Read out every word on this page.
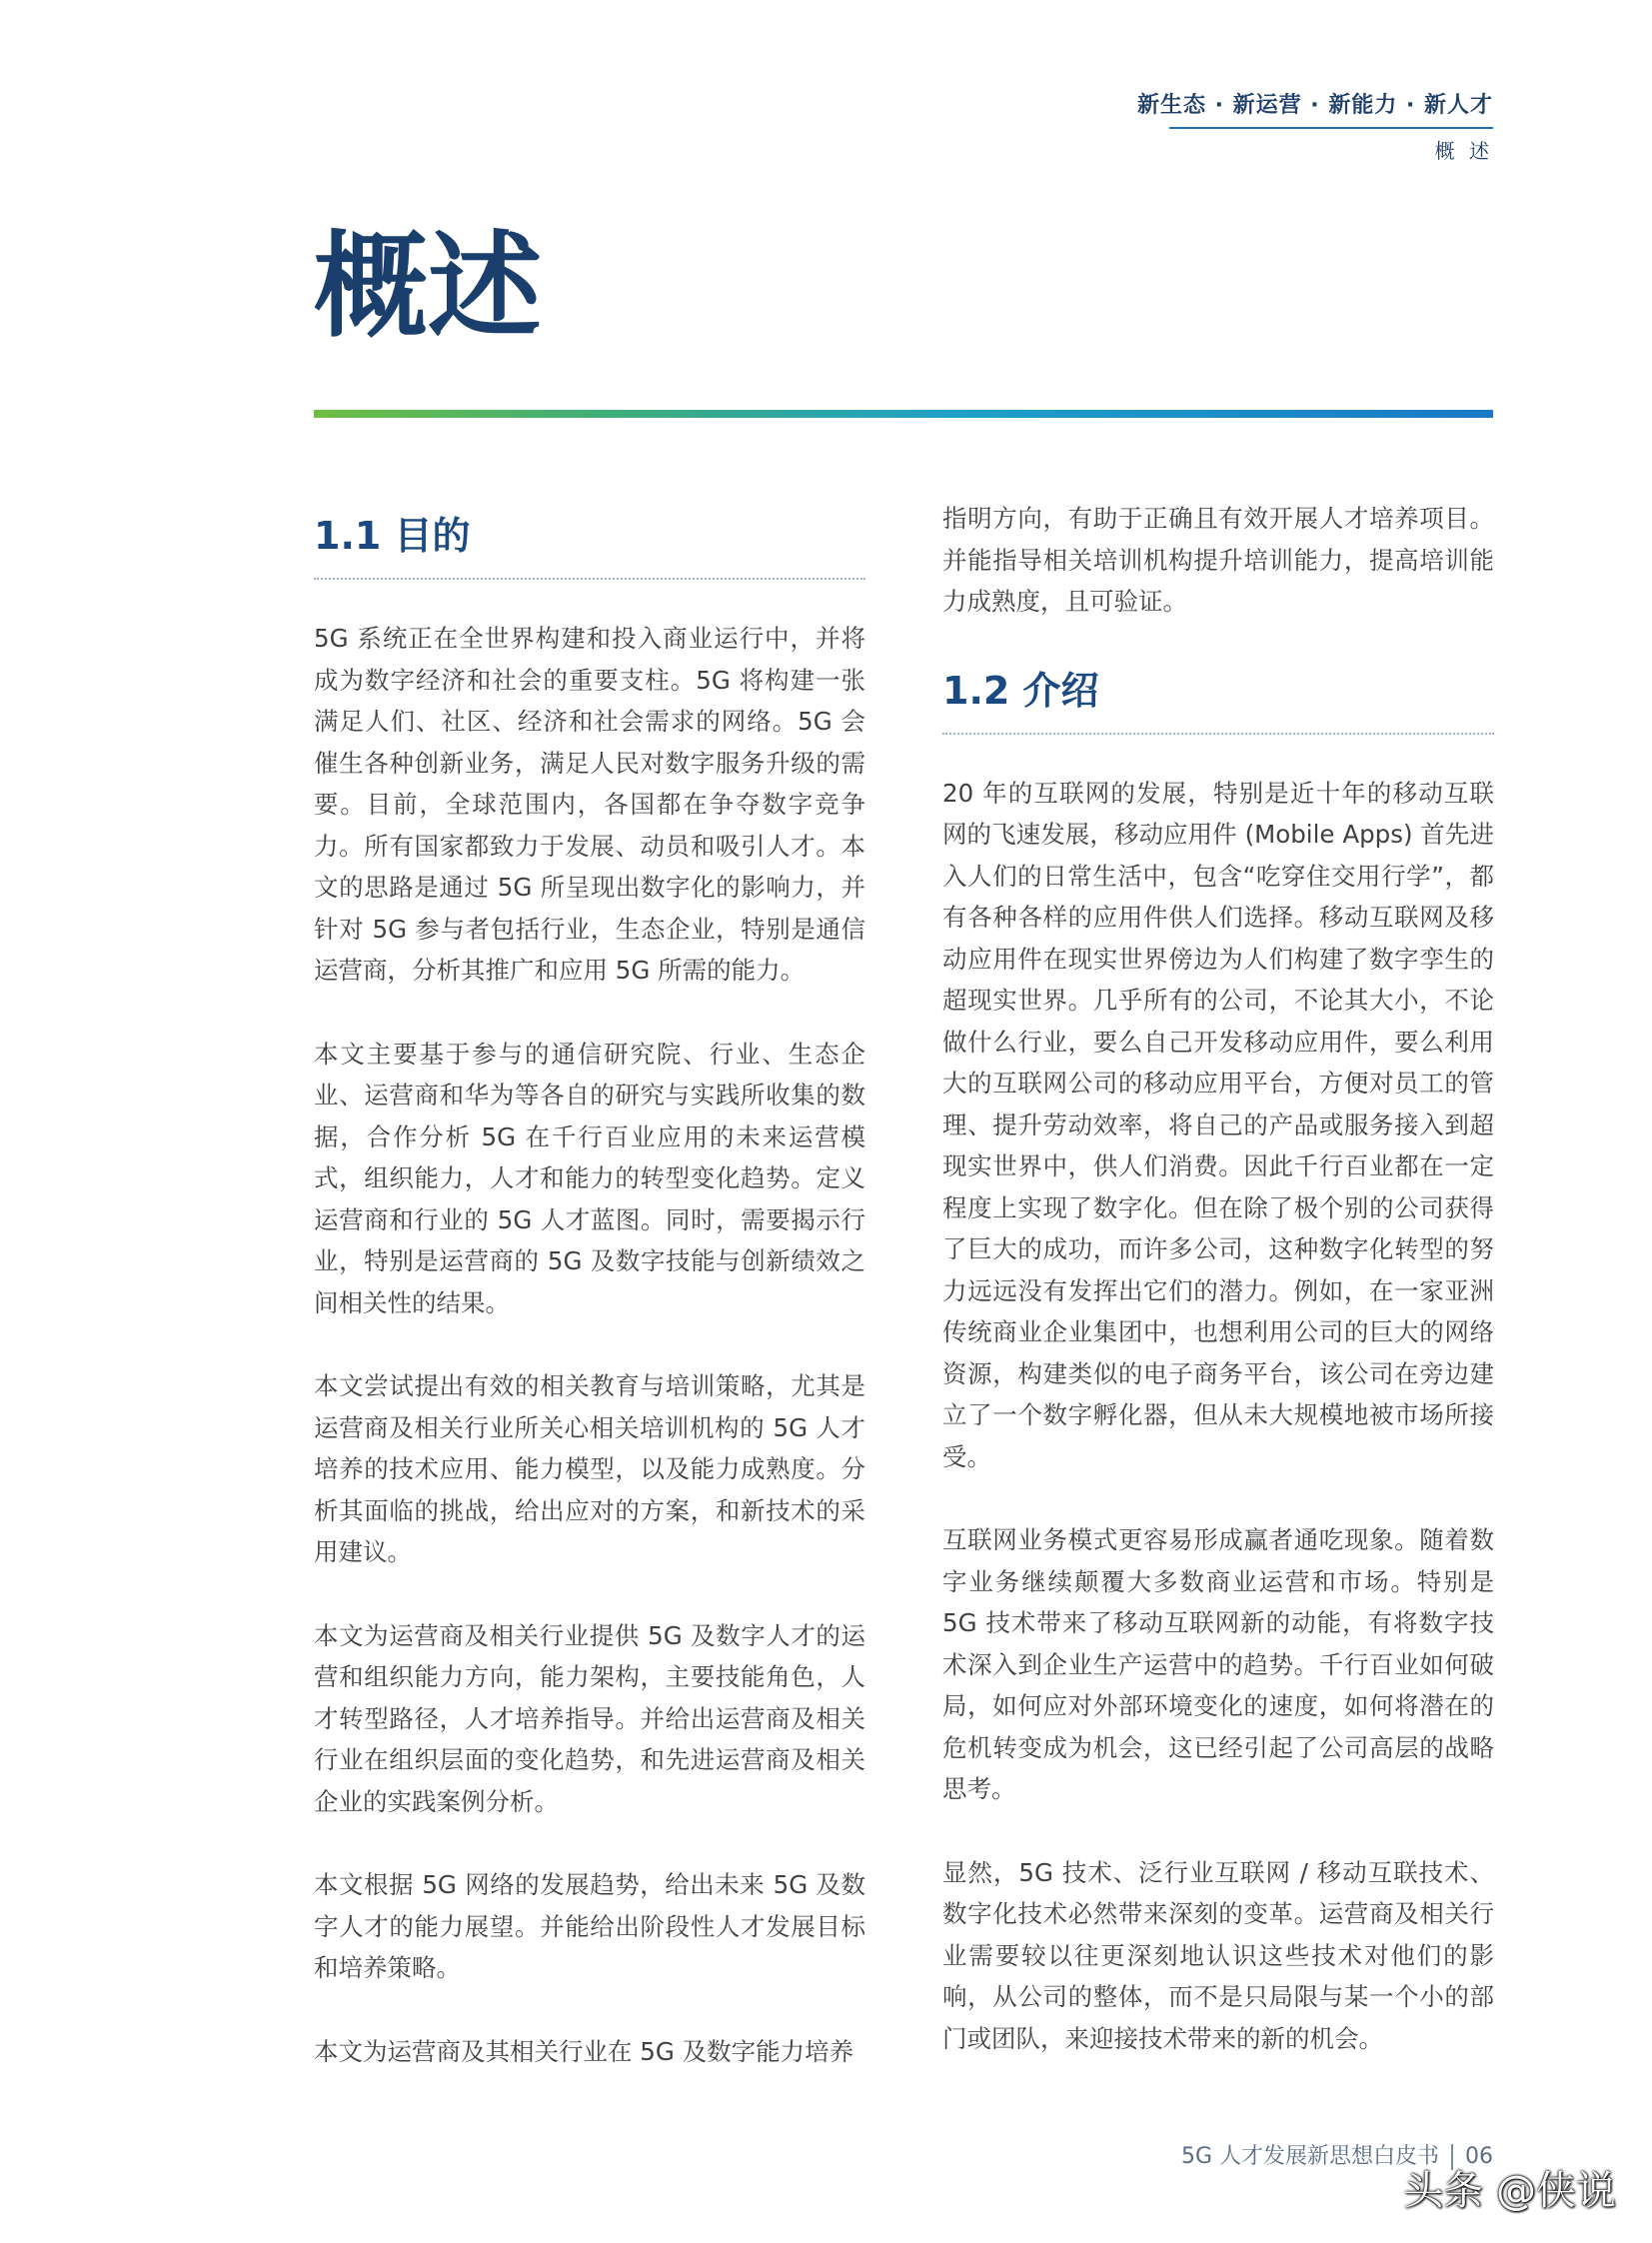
新生态 · 新运营 · 新能力 · 新人才
概 述
概述
1.1 目的

5G 系统正在全世界构建和投入商业运行中，并将成为数字经济和社会的重要支柱。5G 将构建一张满足人们、社区、经济和社会需求的网络。5G 会催生各种创新业务，满足人民对数字服务升级的需要。目前，全球范围内，各国都在争夺数字竞争力。所有国家都致力于发展、动员和吸引人才。本文的思路是通过 5G 所呈现出数字化的影响力，并针对 5G 参与者包括行业，生态企业，特别是通信运营商，分析其推广和应用 5G 所需的能力。

本文主要基于参与的通信研究院、行业、生态企业、运营商和华为等各自的研究与实践所收集的数据，合作分析 5G 在千行百业应用的未来运营模式，组织能力，人才和能力的转型变化趋势。定义运营商和行业的 5G 人才蓝图。同时，需要揭示行业，特别是运营商的 5G 及数字技能与创新绩效之间相关性的结果。

本文尝试提出有效的相关教育与培训策略，尤其是运营商及相关行业所关心相关培训机构的 5G 人才培养的技术应用、能力模型，以及能力成熟度。分析其面临的挑战，给出应对的方案，和新技术的采用建议。

本文为运营商及相关行业提供 5G 及数字人才的运营和组织能力方向，能力架构，主要技能角色，人才转型路径，人才培养指导。并给出运营商及相关行业在组织层面的变化趋势，和先进运营商及相关企业的实践案例分析。

本文根据 5G 网络的发展趋势，给出未来 5G 及数字人才的能力展望。并能给出阶段性人才发展目标和培养策略。

本文为运营商及其相关行业在 5G 及数字能力培养

指明方向，有助于正确且有效开展人才培养项目。并能指导相关培训机构提升培训能力，提高培训能力成熟度，且可验证。

1.2 介绍

20 年的互联网的发展，特别是近十年的移动互联网的飞速发展，移动应用件 (Mobile Apps) 首先进入人们的日常生活中，包含“吃穿住交用行学”，都有各种各样的应用件供人们选择。移动互联网及移动应用件在现实世界傍边为人们构建了数字孪生的超现实世界。几乎所有的公司，不论其大小，不论做什么行业，要么自己开发移动应用件，要么利用大的互联网公司的移动应用平台，方便对员工的管理、提升劳动效率，将自己的产品或服务接入到超现实世界中，供人们消费。因此千行百业都在一定程度上实现了数字化。但在除了极个别的公司获得了巨大的成功，而许多公司，这种数字化转型的努力远远没有发挥出它们的潜力。例如，在一家亚洲传统商业企业集团中，也想利用公司的巨大的网络资源，构建类似的电子商务平台，该公司在旁边建立了一个数字孵化器，但从未大规模地被市场所接受。

互联网业务模式更容易形成赢者通吃现象。随着数字业务继续颠覆大多数商业运营和市场。特别是 5G 技术带来了移动互联网新的动能，有将数字技术深入到企业生产运营中的趋势。千行百业如何破局，如何应对外部环境变化的速度，如何将潜在的危机转变成为机会，这已经引起了公司高层的战略思考。

显然，5G 技术、泛行业互联网 / 移动互联技术、数字化技术必然带来深刻的变革。运营商及相关行业需要较以往更深刻地认识这些技术对他们的影响，从公司的整体，而不是只局限与某一个小的部门或团队，来迎接技术带来的新的机会。

5G 人才发展新思想白皮书 06
头条 @侠说
